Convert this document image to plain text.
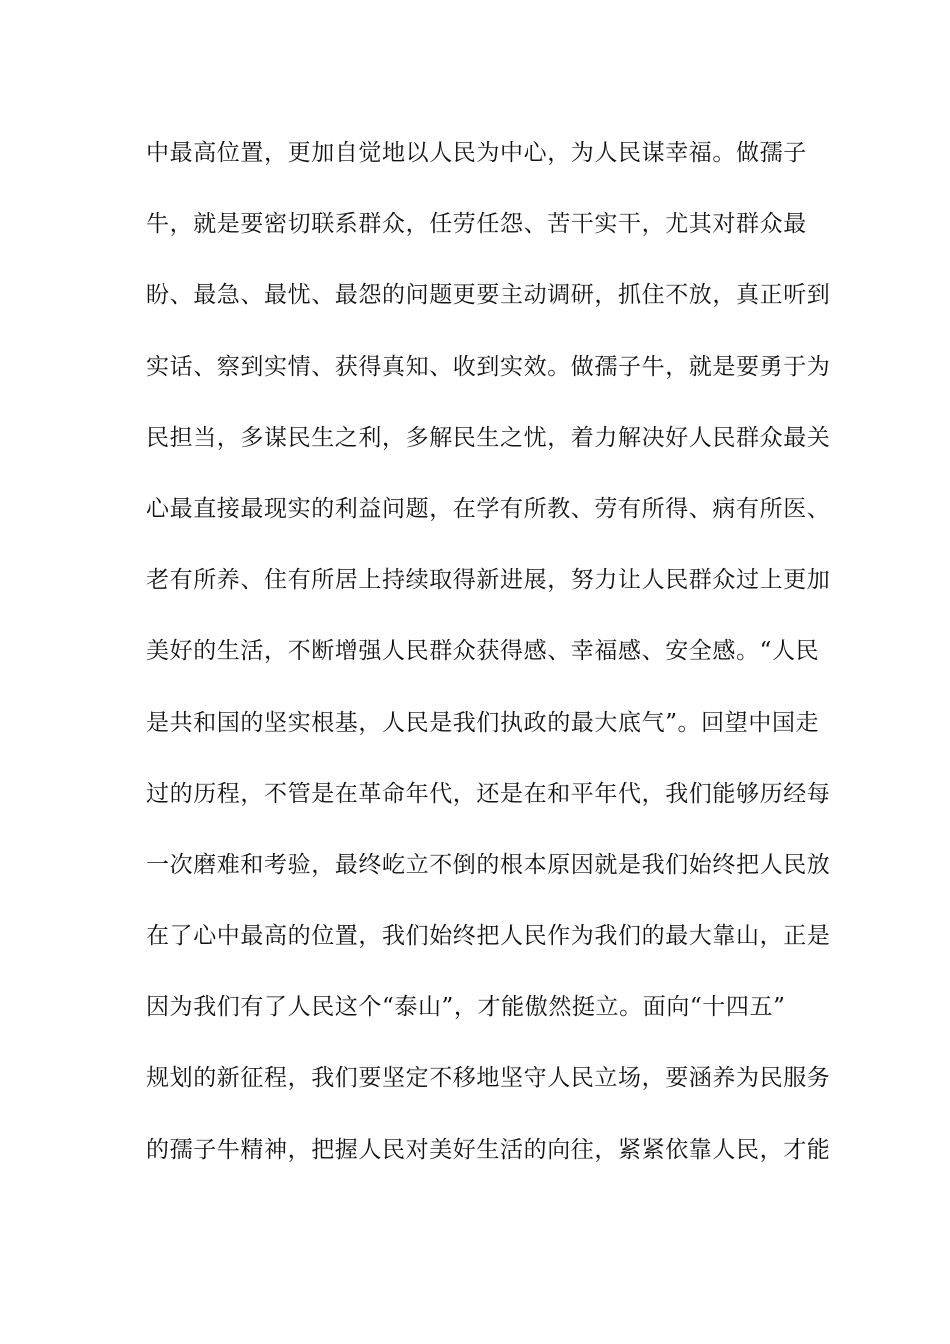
中最高位置，更加自觉地以人民为中心，为人民谋幸福。做孺子
牛，就是要密切联系群众，任劳任怨、苦干实干，尤其对群众最
盼、最急、最忧、最怨的问题更要主动调研，抓住不放，真正听到
实话、察到实情、获得真知、收到实效。做孺子牛，就是要勇于为
民担当，多谋民生之利，多解民生之忧，着力解决好人民群众最关
心最直接最现实的利益问题，在学有所教、劳有所得、病有所医、
老有所养、住有所居上持续取得新进展，努力让人民群众过上更加
美好的生活，不断增强人民群众获得感、幸福感、安全感。“人民
是共和国的坚实根基，人民是我们执政的最大底气”。回望中国走
过的历程，不管是在革命年代，还是在和平年代，我们能够历经每
一次磨难和考验，最终屹立不倒的根本原因就是我们始终把人民放
在了心中最高的位置，我们始终把人民作为我们的最大靠山，正是
因为我们有了人民这个“泰山”，才能傲然挺立。面向“十四五”
规划的新征程，我们要坚定不移地坚守人民立场，要涵养为民服务
的孺子牛精神，把握人民对美好生活的向往，紧紧依靠人民，才能
